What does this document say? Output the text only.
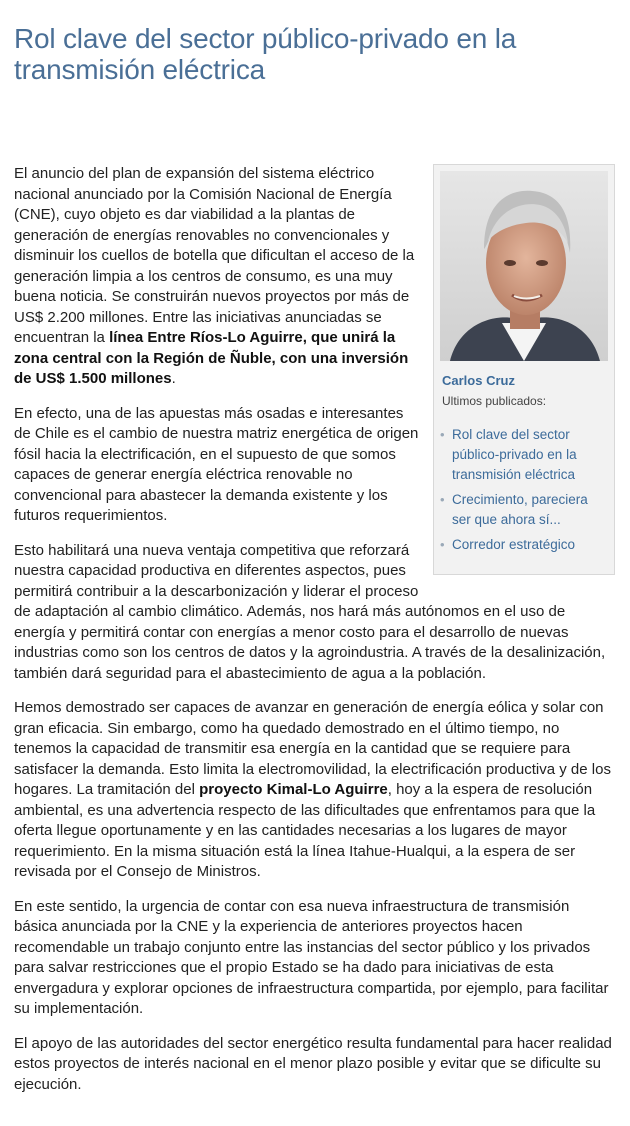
Rol clave del sector público-privado en la transmisión eléctrica
Carlos Cruz
Ultimos publicados:
• Rol clave del sector público-privado en la transmisión eléctrica
• Crecimiento, pareciera ser que ahora sí...
• Corredor estratégico

El anuncio del plan de expansión del sistema eléctrico nacional anunciado por la Comisión Nacional de Energía (CNE), cuyo objeto es dar viabilidad a la plantas de generación de energías renovables no convencionales y disminuir los cuellos de botella que dificultan el acceso de la generación limpia a los centros de consumo, es una muy buena noticia. Se construirán nuevos proyectos por más de US$ 2.200 millones. Entre las iniciativas anunciadas se encuentran la línea Entre Ríos-Lo Aguirre, que unirá la zona central con la Región de Ñuble, con una inversión de US$ 1.500 millones.

En efecto, una de las apuestas más osadas e interesantes de Chile es el cambio de nuestra matriz energética de origen fósil hacia la electrificación, en el supuesto de que somos capaces de generar energía eléctrica renovable no convencional para abastecer la demanda existente y los futuros requerimientos.

Esto habilitará una nueva ventaja competitiva que reforzará nuestra capacidad productiva en diferentes aspectos, pues permitirá contribuir a la descarbonización y liderar el proceso de adaptación al cambio climático. Además, nos hará más autónomos en el uso de energía y permitirá contar con energías a menor costo para el desarrollo de nuevas industrias como son los centros de datos y la agroindustria. A través de la desalinización, también dará seguridad para el abastecimiento de agua a la población.

Hemos demostrado ser capaces de avanzar en generación de energía eólica y solar con gran eficacia. Sin embargo, como ha quedado demostrado en el último tiempo, no tenemos la capacidad de transmitir esa energía en la cantidad que se requiere para satisfacer la demanda. Esto limita la electromovilidad, la electrificación productiva y de los hogares. La tramitación del proyecto Kimal-Lo Aguirre, hoy a la espera de resolución ambiental, es una advertencia respecto de las dificultades que enfrentamos para que la oferta llegue oportunamente y en las cantidades necesarias a los lugares de mayor requerimiento. En la misma situación está la línea Itahue-Hualqui, a la espera de ser revisada por el Consejo de Ministros.

En este sentido, la urgencia de contar con esa nueva infraestructura de transmisión básica anunciada por la CNE y la experiencia de anteriores proyectos hacen recomendable un trabajo conjunto entre las instancias del sector público y los privados para salvar restricciones que el propio Estado se ha dado para iniciativas de esta envergadura y explorar opciones de infraestructura compartida, por ejemplo, para facilitar su implementación.

El apoyo de las autoridades del sector energético resulta fundamental para hacer realidad estos proyectos de interés nacional en el menor plazo posible y evitar que se dificulte su ejecución.
